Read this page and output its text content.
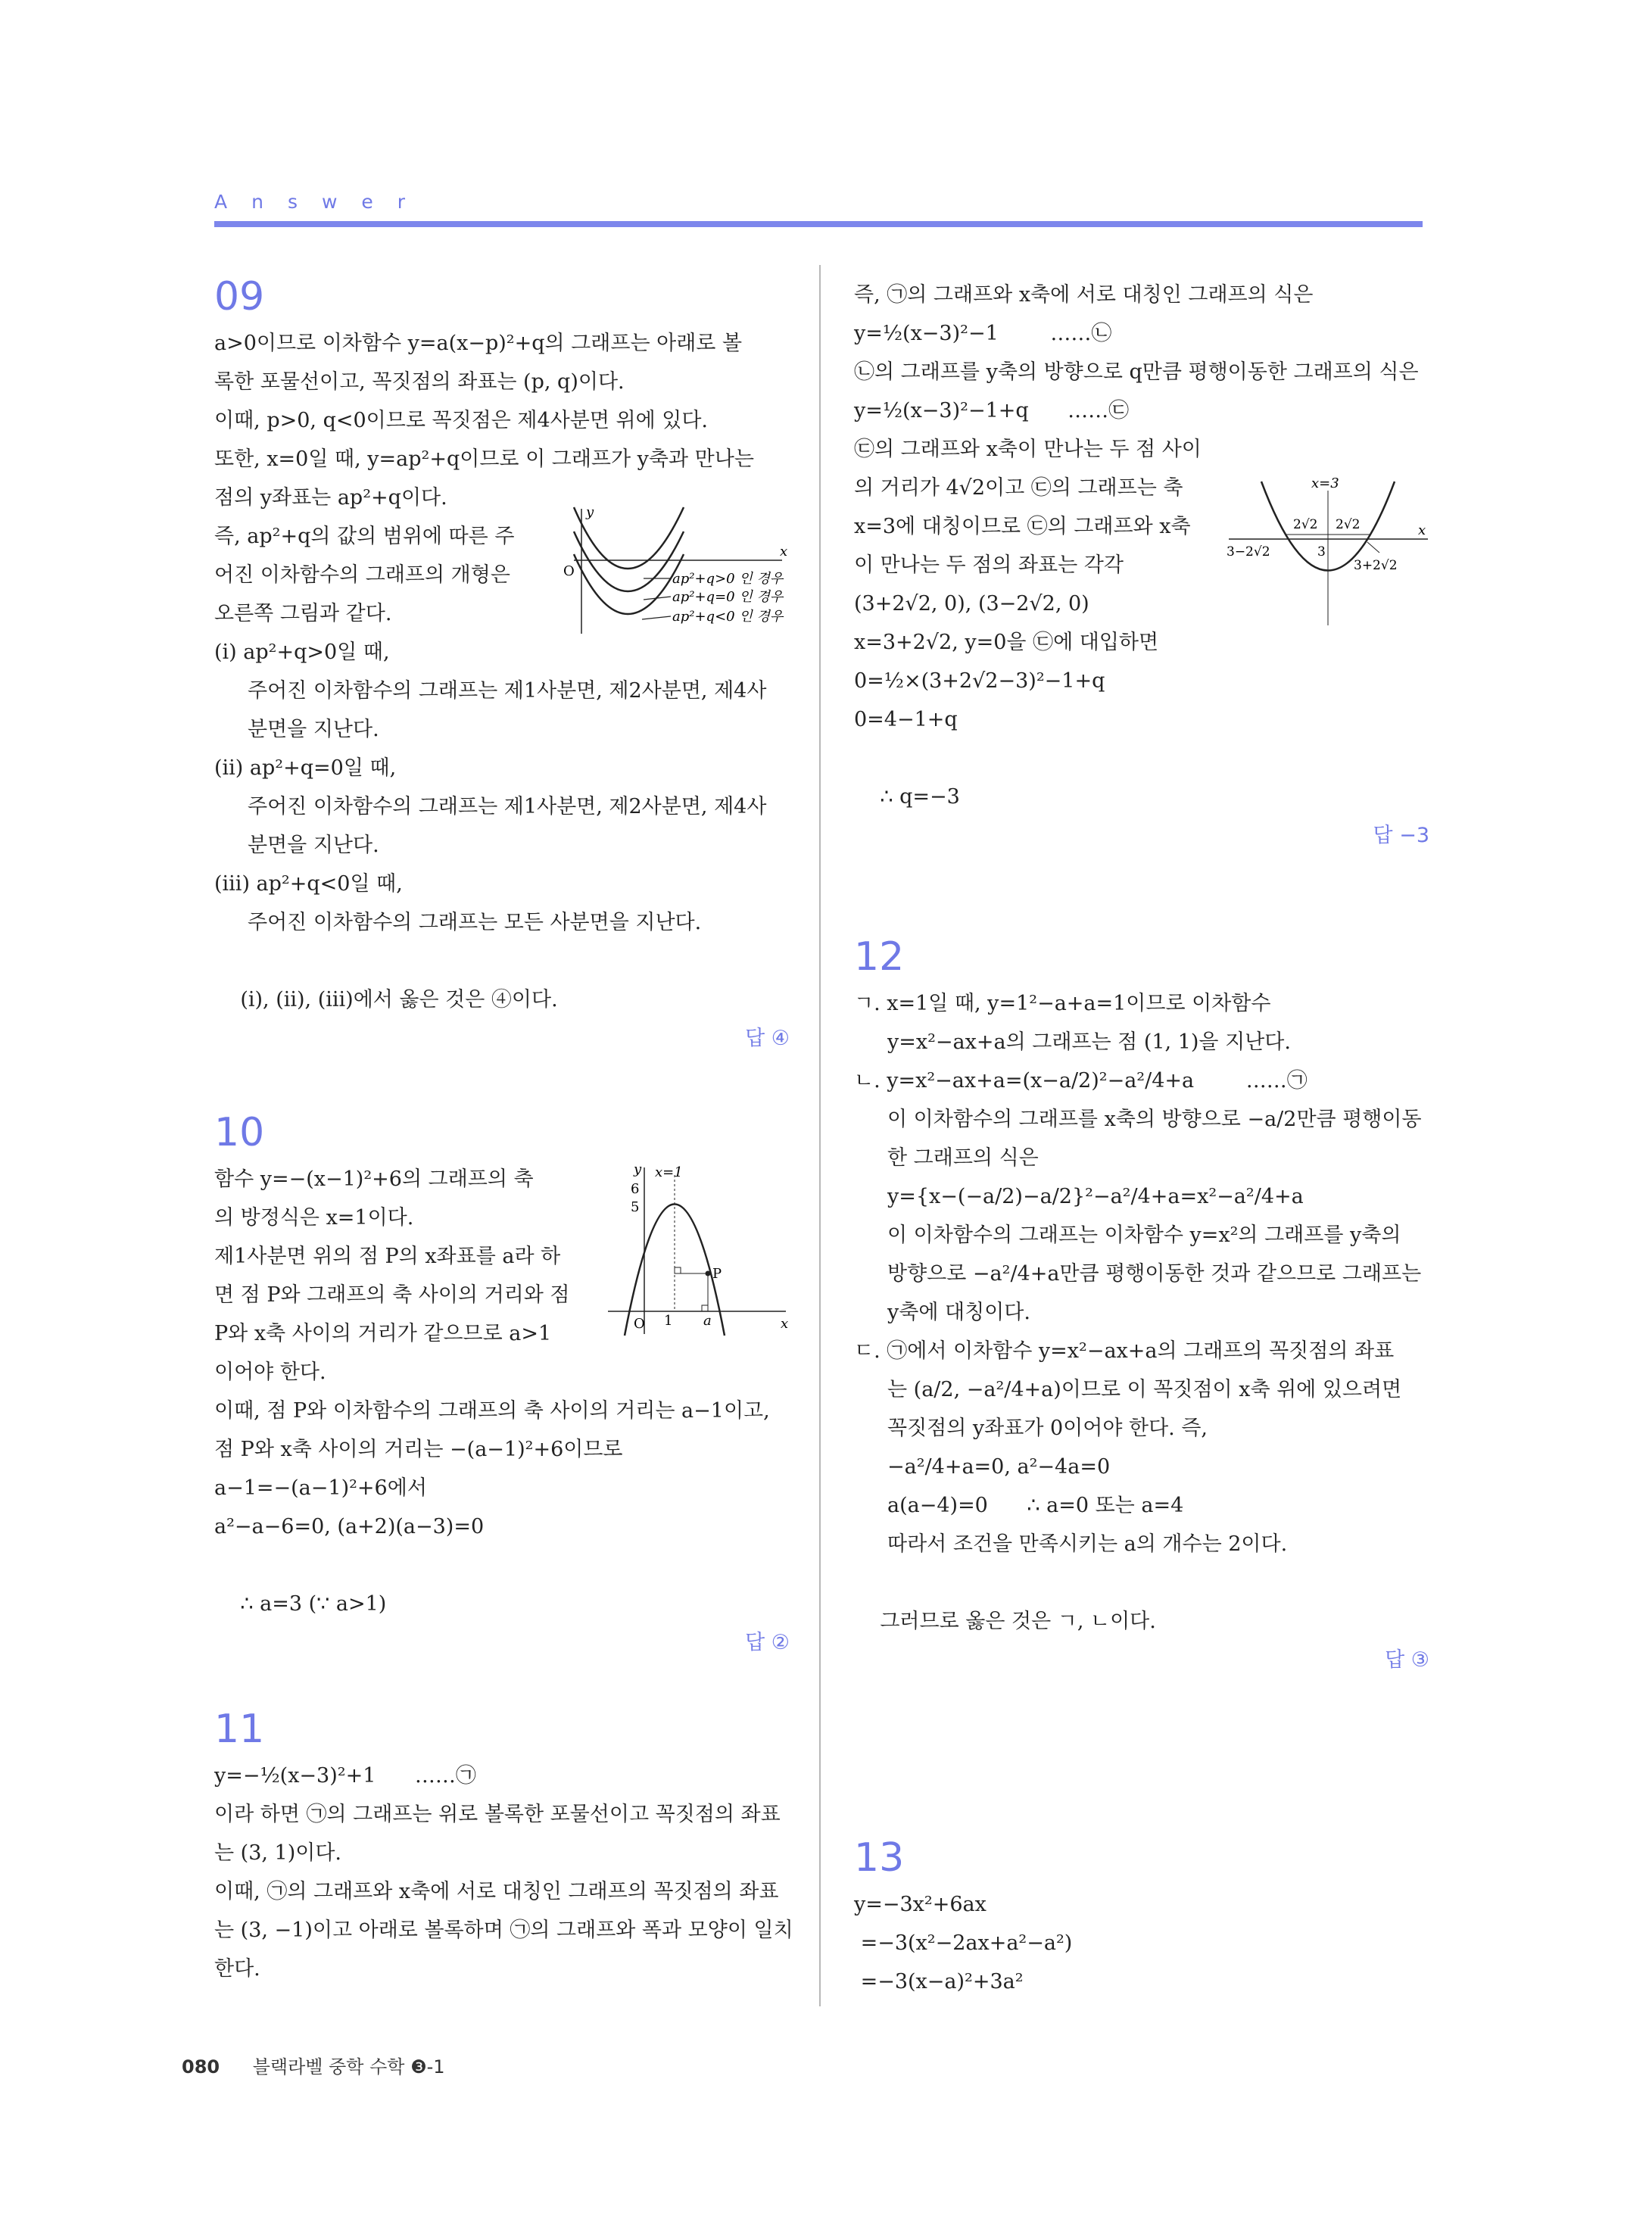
Answer
09
a>0이므로 이차함수 y=a(x−p)²+q의 그래프는 아래로 볼
록한 포물선이고, 꼭짓점의 좌표는 (p, q)이다.
이때, p>0, q<0이므로 꼭짓점은 제4사분면 위에 있다.
또한, x=0일 때, y=ap²+q이므로 이 그래프가 y축과 만나는
점의 y좌표는 ap²+q이다.
즉, ap²+q의 값의 범위에 따른 주
어진 이차함수의 그래프의 개형은
오른쪽 그림과 같다.
(ⅰ) ap²+q>0일 때,
주어진 이차함수의 그래프는 제1사분면, 제2사분면, 제4사
분면을 지난다.
(ⅱ) ap²+q=0일 때,
주어진 이차함수의 그래프는 제1사분면, 제2사분면, 제4사
분면을 지난다.
(ⅲ) ap²+q<0일 때,
주어진 이차함수의 그래프는 모든 사분면을 지난다.

(ⅰ), (ⅱ), (ⅲ)에서 옳은 것은 ④이다.

답 ④

x
y
O	ap²+q>0 인 경우
ap²+q=0 인 경우
ap²+q<0 인 경우
10
함수 y=−(x−1)²+6의 그래프의 축
의 방정식은 x=1이다.
제1사분면 위의 점 P의 x좌표를 a라 하
면 점 P와 그래프의 축 사이의 거리와 점
P와 x축 사이의 거리가 같으므로 a>1
이어야 한다.
이때, 점 P와 이차함수의 그래프의 축 사이의 거리는 a−1이고,
점 P와 x축 사이의 거리는 −(a−1)²+6이므로
a−1=−(a−1)²+6에서
a²−a−6=0, (a+2)(a−3)=0

∴ a=3 (∵ a>1)

답 ②

x
y
O
6
5
1
x=1
P
a
11
y=−½(x−3)²+1      ……㉠
이라 하면 ㉠의 그래프는 위로 볼록한 포물선이고 꼭짓점의 좌표
는 (3, 1)이다.
이때, ㉠의 그래프와 x축에 서로 대칭인 그래프의 꼭짓점의 좌표
는 (3, −1)이고 아래로 볼록하며 ㉠의 그래프와 폭과 모양이 일치
한다.
즉, ㉠의 그래프와 x축에 서로 대칭인 그래프의 식은
y=½(x−3)²−1        ……㉡
㉡의 그래프를 y축의 방향으로 q만큼 평행이동한 그래프의 식은
y=½(x−3)²−1+q      ……㉢
㉢의 그래프와 x축이 만나는 두 점 사이
의 거리가 4√2이고 ㉢의 그래프는 축
x=3에 대칭이므로 ㉢의 그래프와 x축
이 만나는 두 점의 좌표는 각각
(3+2√2, 0), (3−2√2, 0)
x=3+2√2, y=0을 ㉢에 대입하면
0=½×(3+2√2−3)²−1+q
0=4−1+q

∴ q=−3

답 −3

x
x=3
2√2 2√2
3−2√2	3
3+2√2
12
ㄱ. x=1일 때, y=1²−a+a=1이므로 이차함수
y=x²−ax+a의 그래프는 점 (1, 1)을 지난다.
ㄴ. y=x²−ax+a=(x−a/2)²−a²/4+a        ……㉠
이 이차함수의 그래프를 x축의 방향으로 −a/2만큼 평행이동
한 그래프의 식은
y={x−(−a/2)−a/2}²−a²/4+a=x²−a²/4+a
이 이차함수의 그래프는 이차함수 y=x²의 그래프를 y축의
방향으로 −a²/4+a만큼 평행이동한 것과 같으므로 그래프는
y축에 대칭이다.
ㄷ. ㉠에서 이차함수 y=x²−ax+a의 그래프의 꼭짓점의 좌표
는 (a/2, −a²/4+a)이므로 이 꼭짓점이 x축 위에 있으려면
꼭짓점의 y좌표가 0이어야 한다. 즉,
−a²/4+a=0, a²−4a=0
a(a−4)=0      ∴ a=0 또는 a=4
따라서 조건을 만족시키는 a의 개수는 2이다.

그러므로 옳은 것은 ㄱ, ㄴ이다.

답 ③

13
y=−3x²+6ax
=−3(x²−2ax+a²−a²)
=−3(x−a)²+3a²
080 블랙라벨 중학 수학 ❸-1
